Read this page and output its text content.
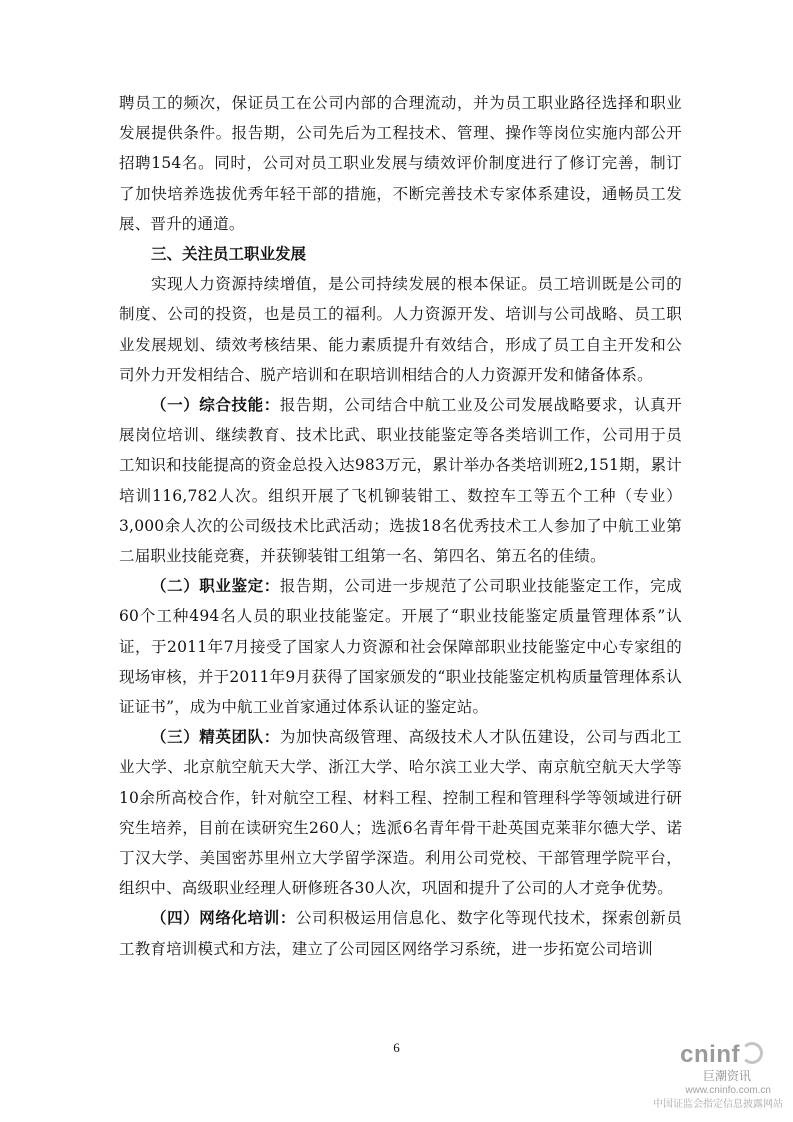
聘员工的频次，保证员工在公司内部的合理流动，并为员工职业路径选择和职业发展提供条件。报告期，公司先后为工程技术、管理、操作等岗位实施内部公开招聘154名。同时，公司对员工职业发展与绩效评价制度进行了修订完善，制订了加快培养选拔优秀年轻干部的措施，不断完善技术专家体系建设，通畅员工发展、晋升的通道。

三、关注员工职业发展

实现人力资源持续增值，是公司持续发展的根本保证。员工培训既是公司的制度、公司的投资，也是员工的福利。人力资源开发、培训与公司战略、员工职业发展规划、绩效考核结果、能力素质提升有效结合，形成了员工自主开发和公司外力开发相结合、脱产培训和在职培训相结合的人力资源开发和储备体系。

（一）综合技能：报告期，公司结合中航工业及公司发展战略要求，认真开展岗位培训、继续教育、技术比武、职业技能鉴定等各类培训工作，公司用于员工知识和技能提高的资金总投入达983万元，累计举办各类培训班2,151期，累计培训116,782人次。组织开展了飞机铆装钳工、数控车工等五个工种（专业）3,000余人次的公司级技术比武活动；选拔18名优秀技术工人参加了中航工业第二届职业技能竞赛，并获铆装钳工组第一名、第四名、第五名的佳绩。

（二）职业鉴定：报告期，公司进一步规范了公司职业技能鉴定工作，完成60个工种494名人员的职业技能鉴定。开展了“职业技能鉴定质量管理体系”认证，于2011年7月接受了国家人力资源和社会保障部职业技能鉴定中心专家组的现场审核，并于2011年9月获得了国家颁发的“职业技能鉴定机构质量管理体系认证证书”，成为中航工业首家通过体系认证的鉴定站。

（三）精英团队：为加快高级管理、高级技术人才队伍建设，公司与西北工业大学、北京航空航天大学、浙江大学、哈尔滨工业大学、南京航空航天大学等10余所高校合作，针对航空工程、材料工程、控制工程和管理科学等领域进行研究生培养，目前在读研究生260人；选派6名青年骨干赴英国克莱菲尔德大学、诺丁汉大学、美国密苏里州立大学留学深造。利用公司党校、干部管理学院平台，组织中、高级职业经理人研修班各30人次，巩固和提升了公司的人才竞争优势。

（四）网络化培训：公司积极运用信息化、数字化等现代技术，探索创新员工教育培训模式和方法，建立了公司园区网络学习系统，进一步拓宽公司培训

6	cninf
巨潮资讯
www.cninfo.com.cn
中国证监会指定信息披露网站
